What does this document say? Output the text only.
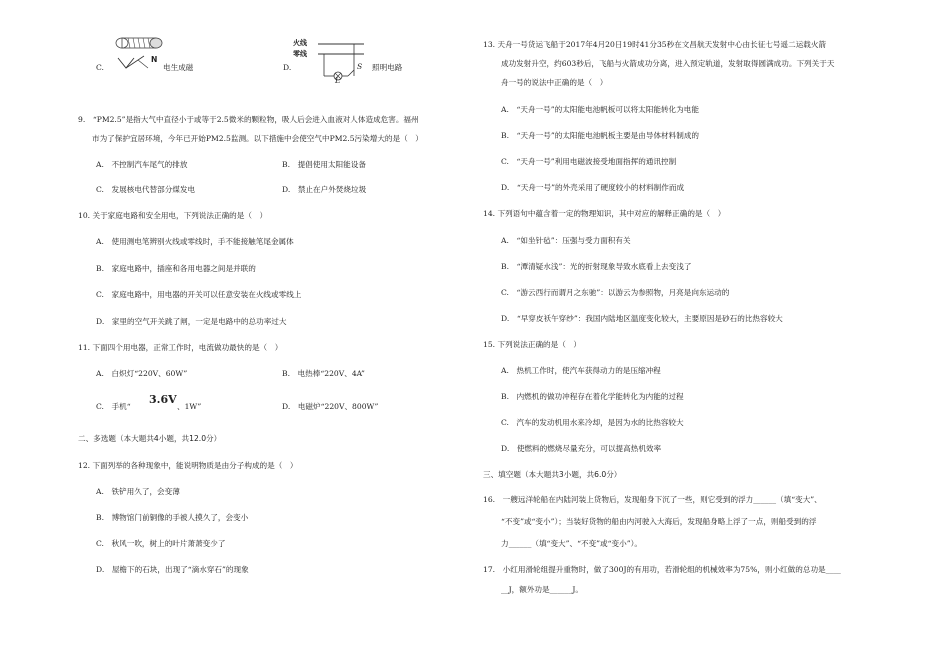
C.
N
电生成磁	D.
火线
零线
S
L
照明电路
9.　“PM2.5”是指大气中直径小于或等于2.5微米的颗粒物，吸人后会进入血液对人体造成危害。福州
市为了保护宜居环境，今年已开始PM2.5监测。以下措施中会使空气中PM2.5污染增大的是（　）
A.　不控制汽车尾气的排放	B.　提倡使用太阳能设备
C.　发展核电代替部分煤发电	D.　禁止在户外焚烧垃圾
10. 关于家庭电路和安全用电，下列说法正确的是（　）
A.　使用测电笔辨别火线或零线时，手不能接触笔尾金属体
B.　家庭电路中，插座和各用电器之间是并联的
C.　家庭电路中，用电器的开关可以任意安装在火线或零线上
D.　家里的空气开关跳了闸，一定是电路中的总功率过大
11. 下面四个用电器，正常工作时，电流做功最快的是（　）
A.　白炽灯“220V、60W”	B.　电热棒“220V、4A”
C.　手机“
3.6V
、1W”	D.　电磁炉“220V、800W”
二、多选题（本大题共4小题，共12.0分）
12. 下面列举的各种现象中，能说明物质是由分子构成的是（　）
A.　铁铲用久了，会变薄
B.　博物馆门前铜像的手被人摸久了，会变小
C.　秋风一吹，树上的叶片萧萧变少了
D.　屋檐下的石块，出现了“滴水穿石”的现象
13. 天舟一号货运飞船于2017年4月20日19时41分35秒在文昌航天发射中心由长征七号遥二运载火箭
成功发射升空，约603秒后，飞船与火箭成功分离，进入预定轨道，发射取得圆满成功。下列关于天
舟一号的说法中正确的是（　）
A.　“天舟一号”的太阳能电池帆板可以将太阳能转化为电能
B.　“天舟一号”的太阳能电池帆板主要是由导体材料制成的
C.　“天舟一号”利用电磁波接受地面指挥的通讯控制
D.　“天舟一号”的外壳采用了硬度较小的材料制作而成
14. 下列语句中蕴含着一定的物理知识，其中对应的解释正确的是（　）
A.　“如坐针毡”：压强与受力面积有关
B.　“潭清疑水浅”：光的折射现象导致水底看上去变浅了
C.　“游云西行而谓月之东驰”：以游云为参照物，月亮是向东运动的
D.　“早穿皮袄午穿纱”：我国内陆地区温度变化较大，主要原因是砂石的比热容较大
15. 下列说法正确的是（　）
A.　热机工作时，使汽车获得动力的是压缩冲程
B.　内燃机的做功冲程存在着化学能转化为内能的过程
C.　汽车的发动机用水来冷却，是因为水的比热容较大
D.　使燃料的燃烧尽量充分，可以提高热机效率
三、填空题（本大题共3小题，共6.0分）
16.　一艘远洋轮船在内陆河装上货物后，发现船身下沉了一些，则它受到的浮力______（填“变大”、
“不变”或“变小”）；当装好货物的船由内河驶入大海后，发现船身略上浮了一点，则船受到的浮
力______（填“变大”、“不变”或“变小”）。
17.　小红用滑轮组提升重物时，做了300J的有用功，若滑轮组的机械效率为75%，则小红做的总功是____
__J，额外功是______J。
